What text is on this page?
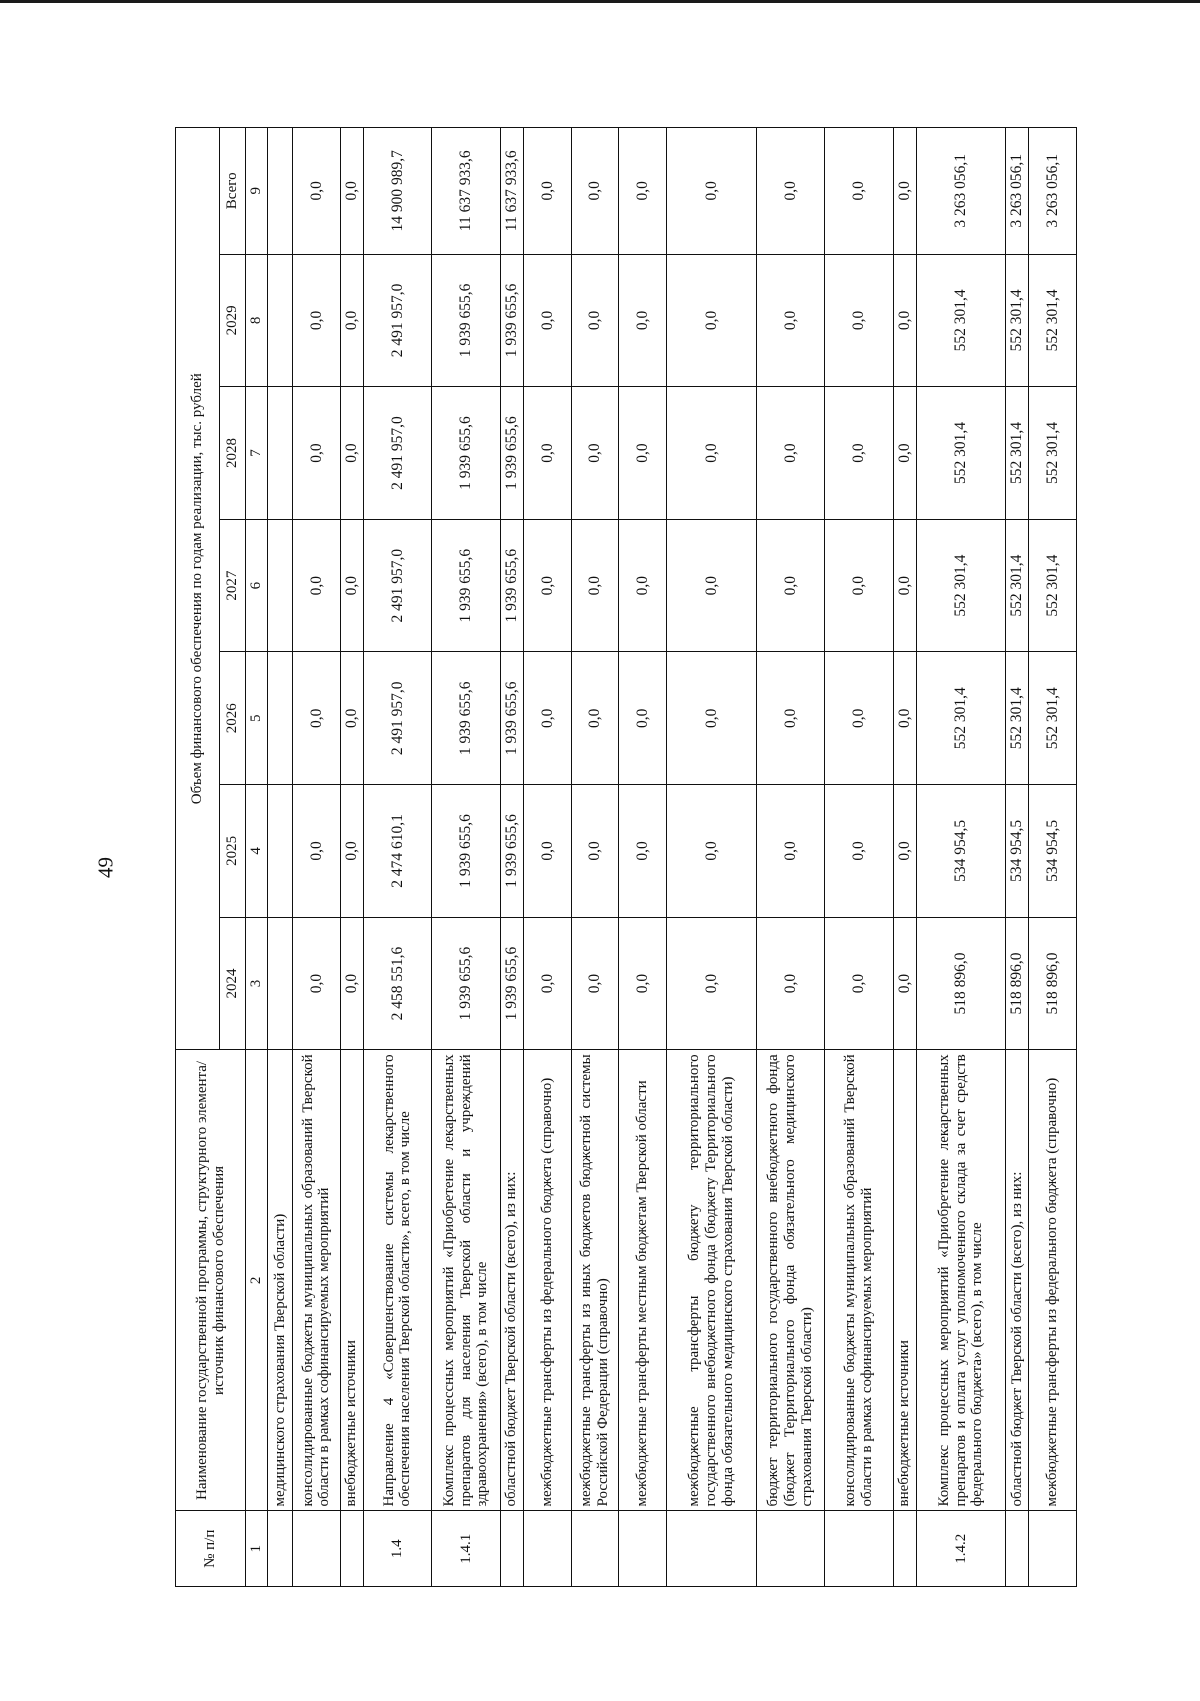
49
№ п/п	Наименование государственной программы, структурного элемента/источник финансового обеспечения	Объем финансового обеспечения по годам реализации, тыс. рублей						
		2024	2025	2026	2027	2028	2029	Всего
1	2	3	4	5	6	7	8	9
	медицинского страхования Тверской области)							
	консолидированные бюджеты муниципальных образований Тверской области в рамках софинансируемых мероприятий	0,0	0,0	0,0	0,0	0,0	0,0	0,0
	внебюджетные источники	0,0	0,0	0,0	0,0	0,0	0,0	0,0
1.4	Направление 4 «Совершенствование системы лекарственного обеспечения населения Тверской области», всего, в том числе	2 458 551,6	2 474 610,1	2 491 957,0	2 491 957,0	2 491 957,0	2 491 957,0	14 900 989,7
1.4.1	Комплекс процессных мероприятий «Приобретение лекарственных препаратов для населения Тверской области и учреждений здравоохранения» (всего), в том числе	1 939 655,6	1 939 655,6	1 939 655,6	1 939 655,6	1 939 655,6	1 939 655,6	11 637 933,6
	областной бюджет Тверской области (всего), из них:	1 939 655,6	1 939 655,6	1 939 655,6	1 939 655,6	1 939 655,6	1 939 655,6	11 637 933,6
	межбюджетные трансферты из федерального бюджета (справочно)	0,0	0,0	0,0	0,0	0,0	0,0	0,0
	межбюджетные трансферты из иных бюджетов бюджетной системы Российской Федерации (справочно)	0,0	0,0	0,0	0,0	0,0	0,0	0,0
	межбюджетные трансферты местным бюджетам Тверской области	0,0	0,0	0,0	0,0	0,0	0,0	0,0
	межбюджетные трансферты бюджету территориального государственного внебюджетного фонда (бюджету Территориального фонда обязательного медицинского страхования Тверской области)	0,0	0,0	0,0	0,0	0,0	0,0	0,0
	бюджет территориального государственного внебюджетного фонда (бюджет Территориального фонда обязательного медицинского страхования Тверской области)	0,0	0,0	0,0	0,0	0,0	0,0	0,0
	консолидированные бюджеты муниципальных образований Тверской области в рамках софинансируемых мероприятий	0,0	0,0	0,0	0,0	0,0	0,0	0,0
	внебюджетные источники	0,0	0,0	0,0	0,0	0,0	0,0	0,0
1.4.2	Комплекс процессных мероприятий «Приобретение лекарственных препаратов и оплата услуг уполномоченного склада за счет средств федерального бюджета» (всего), в том числе	518 896,0	534 954,5	552 301,4	552 301,4	552 301,4	552 301,4	3 263 056,1
	областной бюджет Тверской области (всего), из них:	518 896,0	534 954,5	552 301,4	552 301,4	552 301,4	552 301,4	3 263 056,1
	межбюджетные трансферты из федерального бюджета (справочно)	518 896,0	534 954,5	552 301,4	552 301,4	552 301,4	552 301,4	3 263 056,1
